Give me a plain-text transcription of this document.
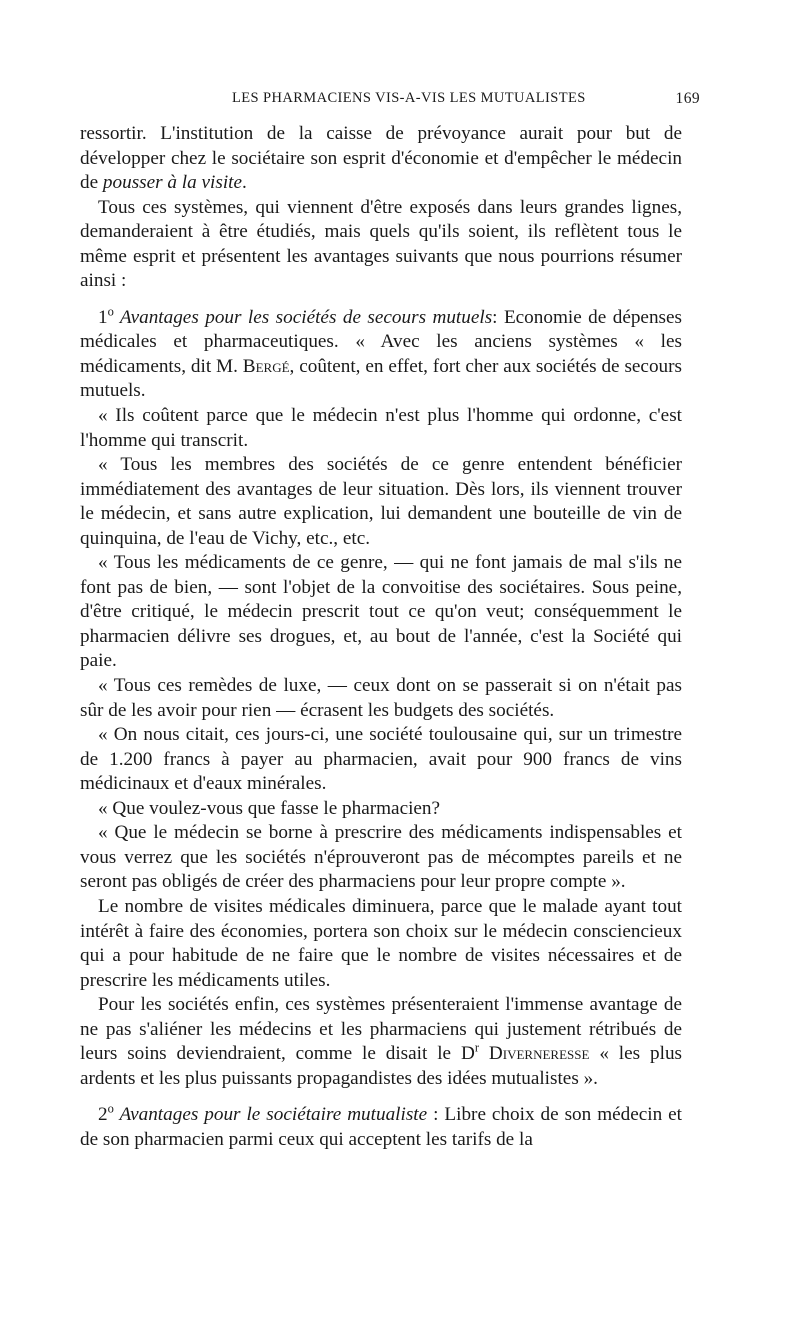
LES PHARMACIENS VIS-A-VIS LES MUTUALISTES	169

ressortir. L'institution de la caisse de prévoyance aurait pour but de développer chez le sociétaire son esprit d'économie et d'empêcher le médecin de pousser à la visite.

Tous ces systèmes, qui viennent d'être exposés dans leurs grandes lignes, demanderaient à être étudiés, mais quels qu'ils soient, ils reflètent tous le même esprit et présentent les avantages suivants que nous pourrions résumer ainsi :

1$^o$ Avantages pour les sociétés de secours mutuels: Economie de dépenses médicales et pharmaceutiques. « Avec les anciens systèmes « les médicaments, dit M. Bergé, coûtent, en effet, fort cher aux sociétés de secours mutuels.

« Ils coûtent parce que le médecin n'est plus l'homme qui ordonne, c'est l'homme qui transcrit.

« Tous les membres des sociétés de ce genre entendent bénéficier immédiatement des avantages de leur situation. Dès lors, ils viennent trouver le médecin, et sans autre explication, lui demandent une bouteille de vin de quinquina, de l'eau de Vichy, etc., etc.

« Tous les médicaments de ce genre, — qui ne font jamais de mal s'ils ne font pas de bien, — sont l'objet de la convoitise des sociétaires. Sous peine, d'être critiqué, le médecin prescrit tout ce qu'on veut; conséquemment le pharmacien délivre ses drogues, et, au bout de l'année, c'est la Société qui paie.

« Tous ces remèdes de luxe, — ceux dont on se passerait si on n'était pas sûr de les avoir pour rien — écrasent les budgets des sociétés.

« On nous citait, ces jours-ci, une société toulousaine qui, sur un trimestre de 1.200 francs à payer au pharmacien, avait pour 900 francs de vins médicinaux et d'eaux minérales.

« Que voulez-vous que fasse le pharmacien?

« Que le médecin se borne à prescrire des médicaments indispensables et vous verrez que les sociétés n'éprouveront pas de mécomptes pareils et ne seront pas obligés de créer des pharmaciens pour leur propre compte ».

Le nombre de visites médicales diminuera, parce que le malade ayant tout intérêt à faire des économies, portera son choix sur le médecin consciencieux qui a pour habitude de ne faire que le nombre de visites nécessaires et de prescrire les médicaments utiles.

Pour les sociétés enfin, ces systèmes présenteraient l'immense avantage de ne pas s'aliéner les médecins et les pharmaciens qui justement rétribués de leurs soins deviendraient, comme le disait le $D^r$ Diverneresse « les plus ardents et les plus puissants propagandistes des idées mutualistes ».

2$^o$ Avantages pour le sociétaire mutualiste : Libre choix de son médecin et de son pharmacien parmi ceux qui acceptent les tarifs de la
